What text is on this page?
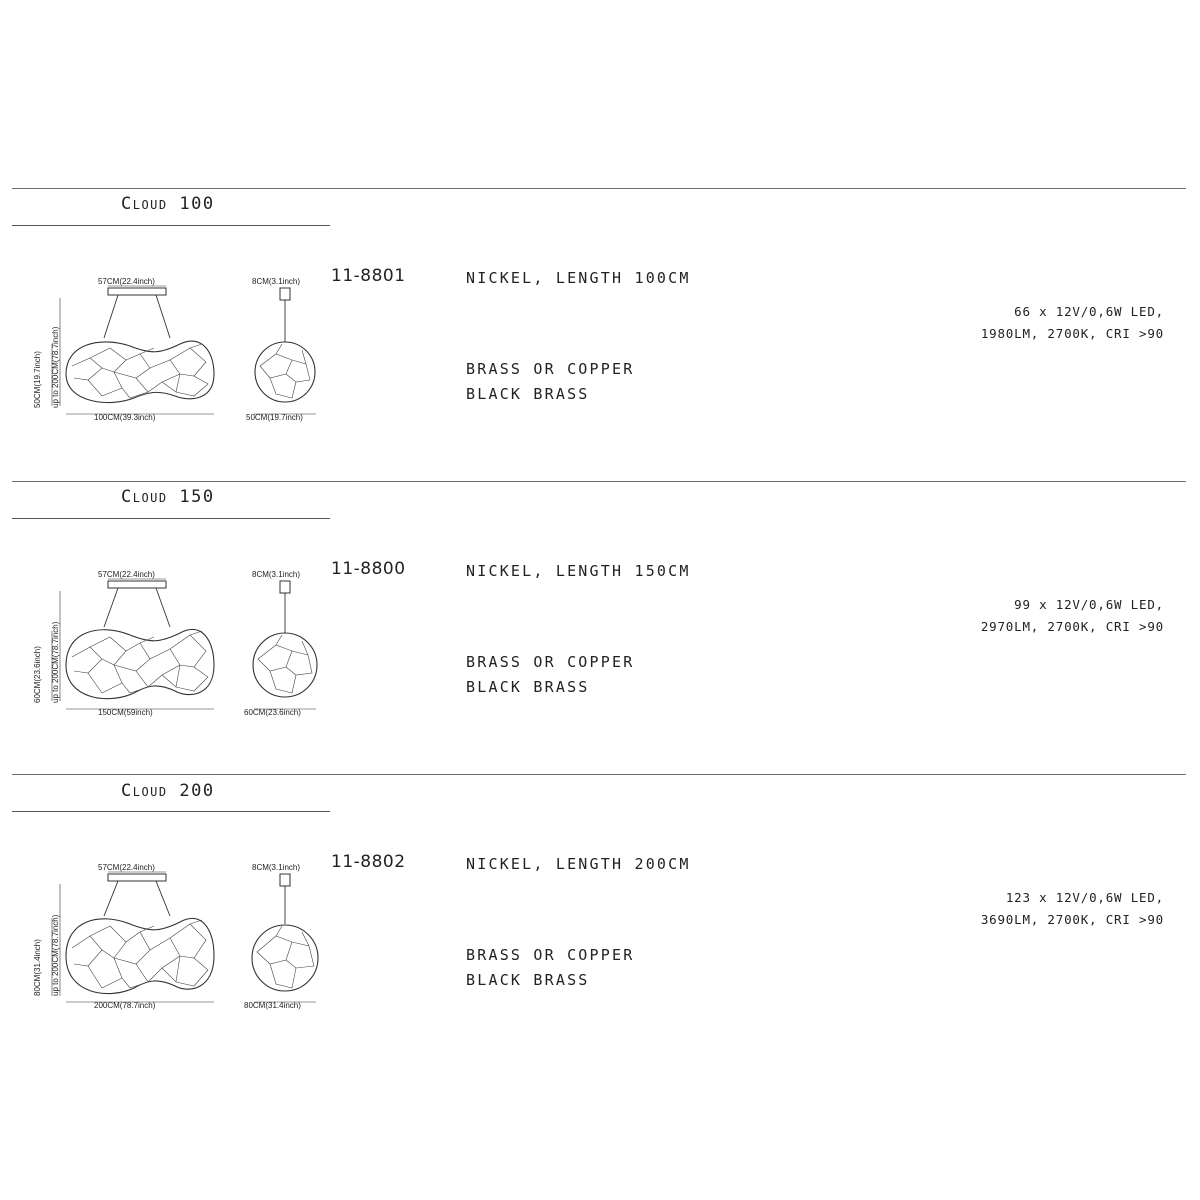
Cloud 100
11-8801	NICKEL, LENGTH 100CM
BRASS OR COPPER
BLACK BRASS
66 x 12V/0,6W LED,
1980LM, 2700K, CRI >90
57CM(22.4inch)
up to 200CM(78.7inch)
50CM(19.7inch)
100CM(39.3inch)
8CM(3.1inch)
50CM(19.7inch)
Cloud 150
11-8800	NICKEL, LENGTH 150CM
BRASS OR COPPER
BLACK BRASS
99 x 12V/0,6W LED,
2970LM, 2700K, CRI >90
57CM(22.4inch)
up to 200CM(78.7inch)
60CM(23.6inch)
150CM(59inch)
8CM(3.1inch)
60CM(23.6inch)
Cloud 200
11-8802	NICKEL, LENGTH 200CM
BRASS OR COPPER
BLACK BRASS
123 x 12V/0,6W LED,
3690LM, 2700K, CRI >90
57CM(22.4inch)
up to 200CM(78.7inch)
80CM(31.4inch)
200CM(78.7inch)
8CM(3.1inch)
80CM(31.4inch)
